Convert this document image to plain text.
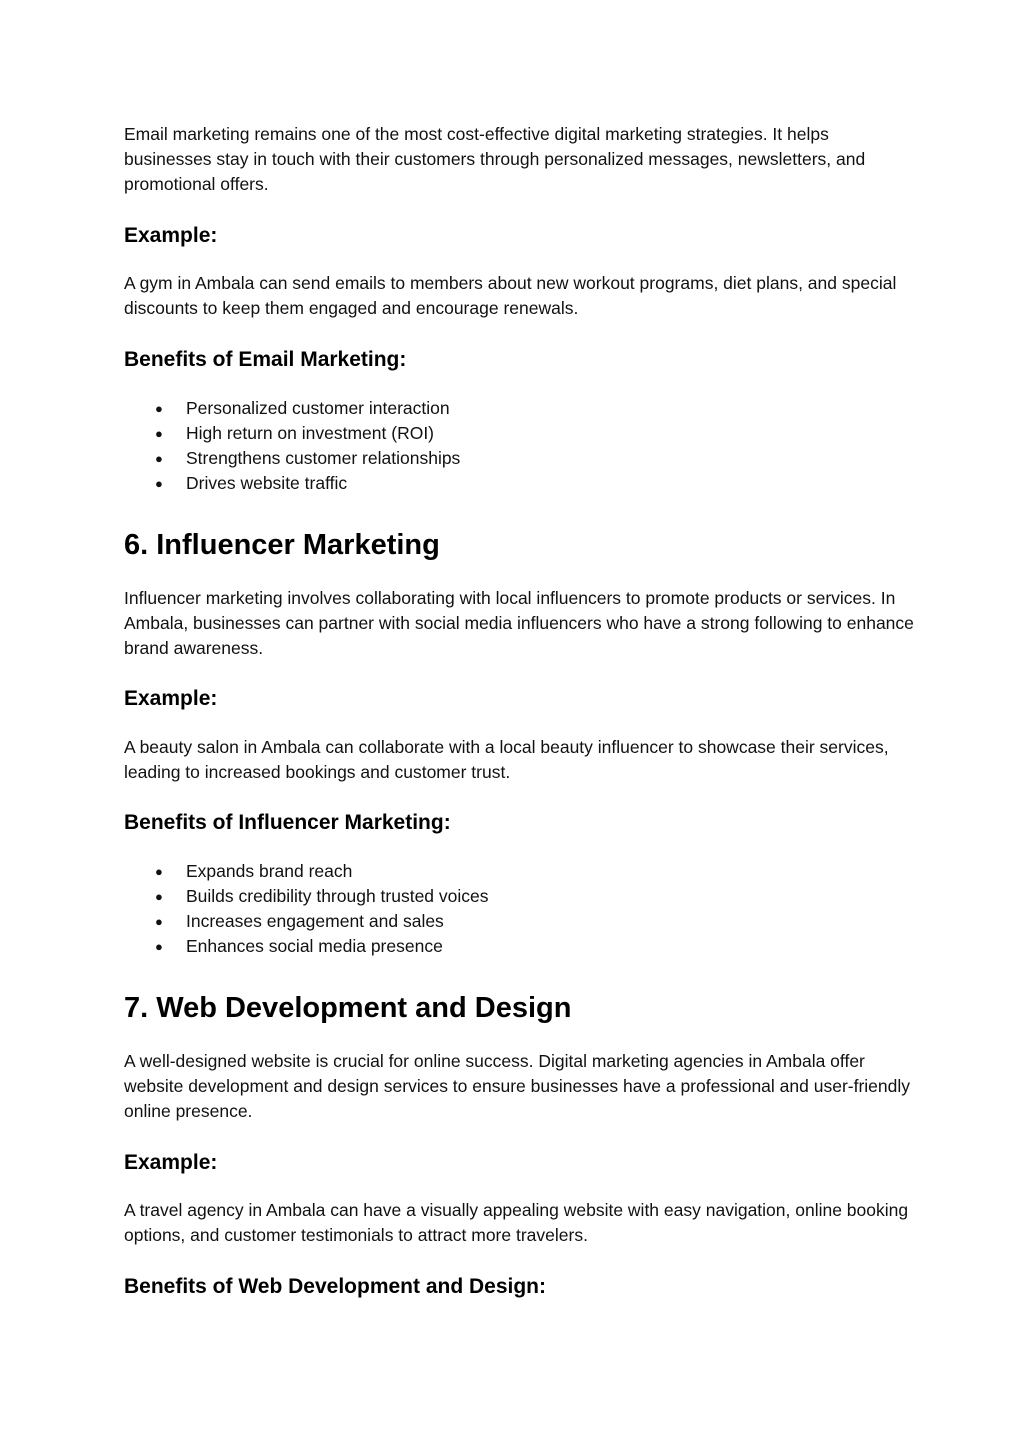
Email marketing remains one of the most cost-effective digital marketing strategies. It helps businesses stay in touch with their customers through personalized messages, newsletters, and promotional offers.

Example:

A gym in Ambala can send emails to members about new workout programs, diet plans, and special discounts to keep them engaged and encourage renewals.

Benefits of Email Marketing:
● Personalized customer interaction
● High return on investment (ROI)
● Strengthens customer relationships
● Drives website traffic
6. Influencer Marketing

Influencer marketing involves collaborating with local influencers to promote products or services. In Ambala, businesses can partner with social media influencers who have a strong following to enhance brand awareness.

Example:

A beauty salon in Ambala can collaborate with a local beauty influencer to showcase their services, leading to increased bookings and customer trust.

Benefits of Influencer Marketing:
● Expands brand reach
● Builds credibility through trusted voices
● Increases engagement and sales
● Enhances social media presence
7. Web Development and Design

A well-designed website is crucial for online success. Digital marketing agencies in Ambala offer website development and design services to ensure businesses have a professional and user-friendly online presence.

Example:

A travel agency in Ambala can have a visually appealing website with easy navigation, online booking options, and customer testimonials to attract more travelers.

Benefits of Web Development and Design:
